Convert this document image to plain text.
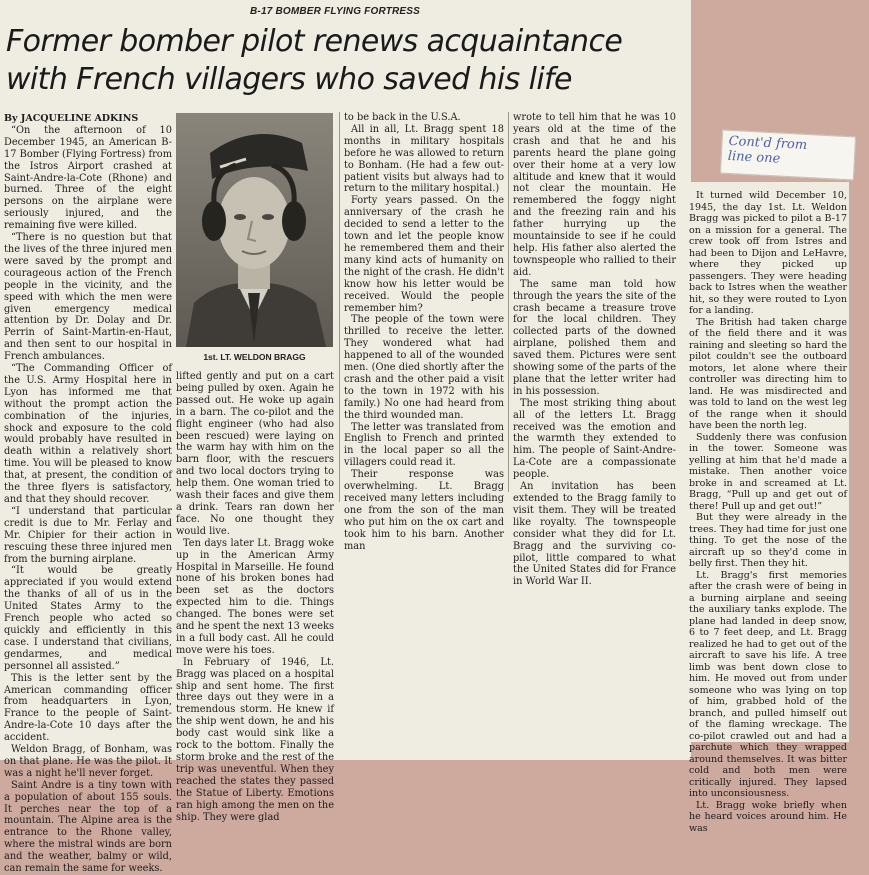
B-17 BOMBER FLYING FORTRESS
Former bomber pilot renews acquaintance with French villagers who saved his life

By JACQUELINE ADKINS

“On the afternoon of 10 December 1945, an American B-17 Bomber (Flying Fortress) from the Istros Airport crashed at Saint-Andre-la-Cote (Rhone) and burned. Three of the eight persons on the airplane were seriously injured, and the remaining five were killed.

“There is no question but that the lives of the three injured men were saved by the prompt and courageous action of the French people in the vicinity, and the speed with which the men were given emergency medical attention by Dr. Dolay and Dr. Perrin of Saint-Martin-en-Haut, and then sent to our hospital in French ambulances.

“The Commanding Officer of the U.S. Army Hospital here in Lyon has informed me that without the prompt action the combination of the injuries, shock and exposure to the cold would probably have resulted in death within a relatively short time. You will be pleased to know that, at present, the condition of the three flyers is satisfactory, and that they should recover.

“I understand that particular credit is due to Mr. Ferlay and Mr. Chipier for their action in rescuing these three injured men from the burning airplane.

“It would be greatly appreciated if you would extend the thanks of all of us in the United States Army to the French people who acted so quickly and efficiently in this case. I understand that civilians, gendarmes, and medical personnel all assisted.”

This is the letter sent by the American commanding officer from headquarters in Lyon, France to the people of Saint-Andre-la-Cote 10 days after the accident.

Weldon Bragg, of Bonham, was on that plane. He was the pilot. It was a night he'll never forget.

Saint Andre is a tiny town with a population of about 155 souls. It perches near the top of a mountain. The Alpine area is the entrance to the Rhone valley, where the mistral winds are born and the weather, balmy or wild, can remain the same for weeks.

1st. LT. WELDON BRAGG

lifted gently and put on a cart being pulled by oxen. Again he passed out. He woke up again in a barn. The co-pilot and the flight engineer (who had also been rescued) were laying on the warm hay with him on the barn floor, with the rescuers and two local doctors trying to help them. One woman tried to wash their faces and give them a drink. Tears ran down her face. No one thought they would live.

Ten days later Lt. Bragg woke up in the American Army Hospital in Marseille. He found none of his broken bones had been set as the doctors expected him to die. Things changed. The bones were set and he spent the next 13 weeks in a full body cast. All he could move were his toes.

In February of 1946, Lt. Bragg was placed on a hospital ship and sent home. The first three days out they were in a tremendous storm. He knew if the ship went down, he and his body cast would sink like a rock to the bottom. Finally the storm broke and the rest of the trip was uneventful. When they reached the states they passed the Statue of Liberty. Emotions ran high among the men on the ship. They were glad

to be back in the U.S.A.

All in all, Lt. Bragg spent 18 months in military hospitals before he was allowed to return to Bonham. (He had a few out-patient visits but always had to return to the military hospital.)

Forty years passed. On the anniversary of the crash he decided to send a letter to the town and let the people know he remembered them and their many kind acts of humanity on the night of the crash. He didn't know how his letter would be received. Would the people remember him?

The people of the town were thrilled to receive the letter. They wondered what had happened to all of the wounded men. (One died shortly after the crash and the other paid a visit to the town in 1972 with his family.) No one had heard from the third wounded man.

The letter was translated from English to French and printed in the local paper so all the villagers could read it.

Their response was overwhelming. Lt. Bragg received many letters including one from the son of the man who put him on the ox cart and took him to his barn. Another man

wrote to tell him that he was 10 years old at the time of the crash and that he and his parents heard the plane going over their home at a very low altitude and knew that it would not clear the mountain. He remembered the foggy night and the freezing rain and his father hurrying up the mountainside to see if he could help. His father also alerted the townspeople who rallied to their aid.

The same man told how through the years the site of the crash became a treasure trove for the local children. They collected parts of the downed airplane, polished them and saved them. Pictures were sent showing some of the parts of the plane that the letter writer had in his possession.

The most striking thing about all of the letters Lt. Bragg received was the emotion and the warmth they extended to him. The people of Saint-Andre-La-Cote are a compassionate people.

An invitation has been extended to the Bragg family to visit them. They will be treated like royalty. The townspeople consider what they did for Lt. Bragg and the surviving co-pilot, little compared to what the United States did for France in World War II.

Cont'd from
line one

It turned wild December 10, 1945, the day 1st. Lt. Weldon Bragg was picked to pilot a B-17 on a mission for a general. The crew took off from Istres and had been to Dijon and LeHavre, where they picked up passengers. They were heading back to Istres when the weather hit, so they were routed to Lyon for a landing.

The British had taken charge of the field there and it was raining and sleeting so hard the pilot couldn't see the outboard motors, let alone where their controller was directing him to land. He was misdirected and was told to land on the west leg of the range when it should have been the north leg.

Suddenly there was confusion in the tower. Someone was yelling at him that he'd made a mistake. Then another voice broke in and screamed at Lt. Bragg, “Pull up and get out of there! Pull up and get out!”

But they were already in the trees. They had time for just one thing. To get the nose of the aircraft up so they'd come in belly first. Then they hit.

Lt. Bragg's first memories after the crash were of being in a burning airplane and seeing the auxiliary tanks explode. The plane had landed in deep snow, 6 to 7 feet deep, and Lt. Bragg realized he had to get out of the aircraft to save his life. A tree limb was bent down close to him. He moved out from under someone who was lying on top of him, grabbed hold of the branch, and pulled himself out of the flaming wreckage. The co-pilot crawled out and had a parchute which they wrapped around themselves. It was bitter cold and both men were critically injured. They lapsed into unconsiousness.

Lt. Bragg woke briefly when he heard voices around him. He was
